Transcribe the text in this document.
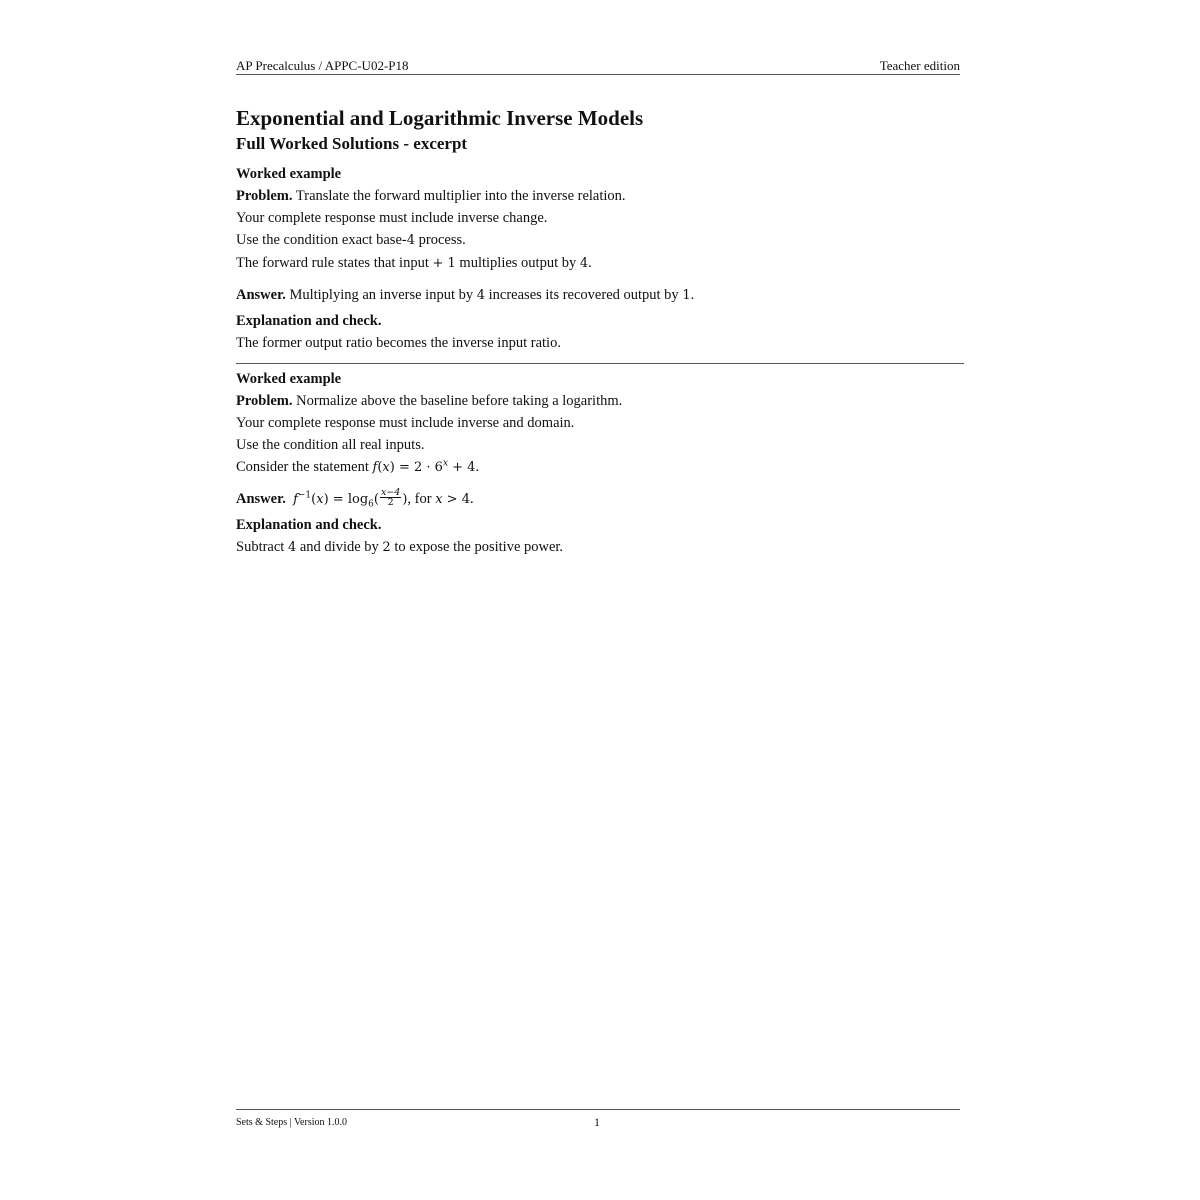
AP Precalculus / APPC-U02-P18	Teacher edition
Exponential and Logarithmic Inverse Models
Full Worked Solutions - excerpt

Worked example

Problem. Translate the forward multiplier into the inverse relation.

Your complete response must include inverse change.

Use the condition exact base-4 process.

The forward rule states that input + 1 multiplies output by 4.

Answer. Multiplying an inverse input by 4 increases its recovered output by 1.

Explanation and check.

The former output ratio becomes the inverse input ratio.

Worked example

Problem. Normalize above the baseline before taking a logarithm.

Your complete response must include inverse and domain.

Use the condition all real inputs.

Consider the statement $f(x) = 2 \cdot 6^x + 4$.

Answer. $f^{-1}(x) = \log_6( \frac{x-4}{2}$ ), for x > 4.

Explanation and check.

Subtract 4 and divide by 2 to expose the positive power.

Sets & Steps | Version 1.0.0	1
